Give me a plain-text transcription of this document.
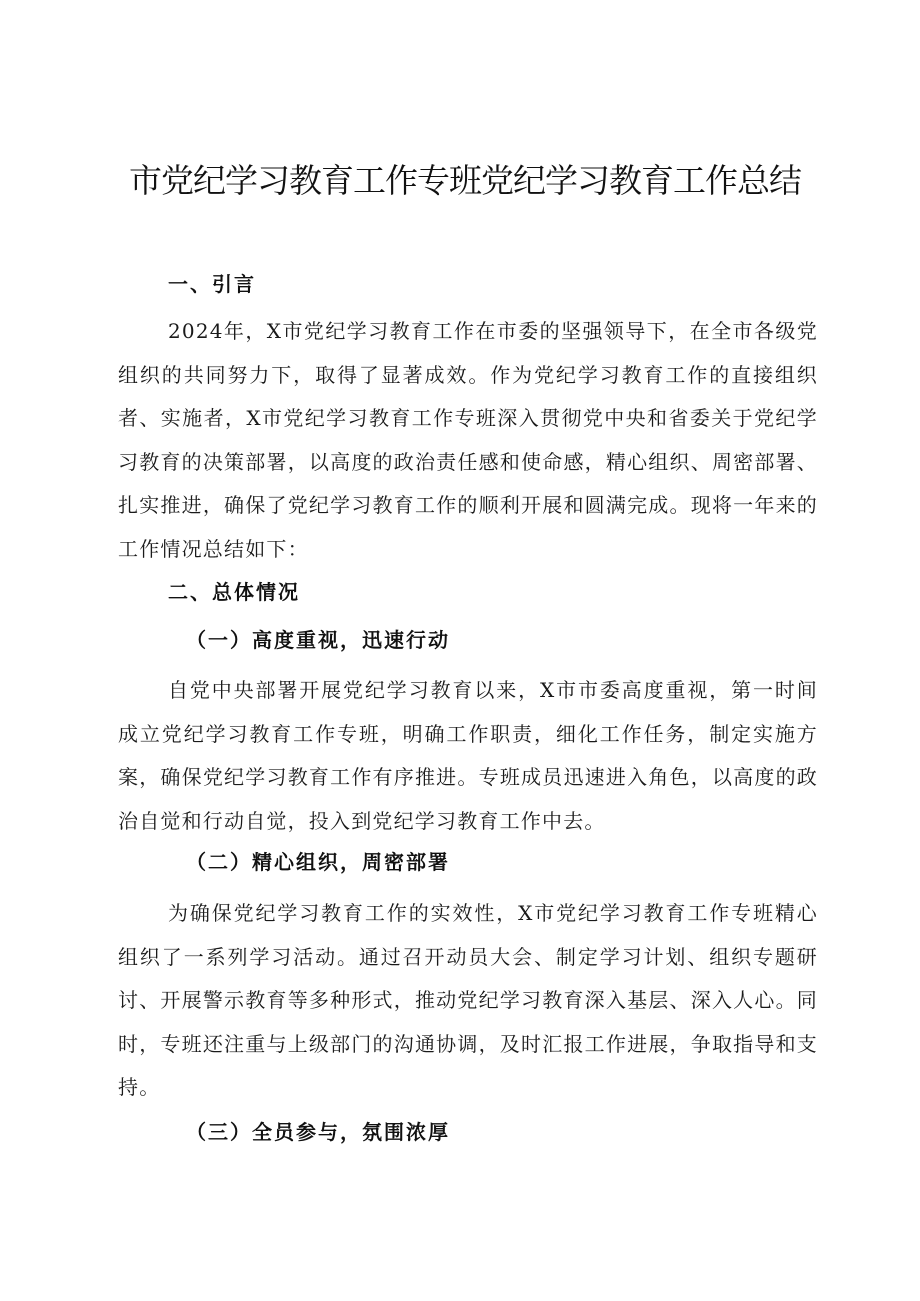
市党纪学习教育工作专班党纪学习教育工作总结
一、引言

2024年，X市党纪学习教育工作在市委的坚强领导下，在全市各级党组织的共同努力下，取得了显著成效。作为党纪学习教育工作的直接组织者、实施者，X市党纪学习教育工作专班深入贯彻党中央和省委关于党纪学习教育的决策部署，以高度的政治责任感和使命感，精心组织、周密部署、扎实推进，确保了党纪学习教育工作的顺利开展和圆满完成。现将一年来的工作情况总结如下：

二、总体情况
（一）高度重视，迅速行动

自党中央部署开展党纪学习教育以来，X市市委高度重视，第一时间成立党纪学习教育工作专班，明确工作职责，细化工作任务，制定实施方案，确保党纪学习教育工作有序推进。专班成员迅速进入角色，以高度的政治自觉和行动自觉，投入到党纪学习教育工作中去。

（二）精心组织，周密部署

为确保党纪学习教育工作的实效性，X市党纪学习教育工作专班精心组织了一系列学习活动。通过召开动员大会、制定学习计划、组织专题研讨、开展警示教育等多种形式，推动党纪学习教育深入基层、深入人心。同时，专班还注重与上级部门的沟通协调，及时汇报工作进展，争取指导和支持。

（三）全员参与，氛围浓厚
